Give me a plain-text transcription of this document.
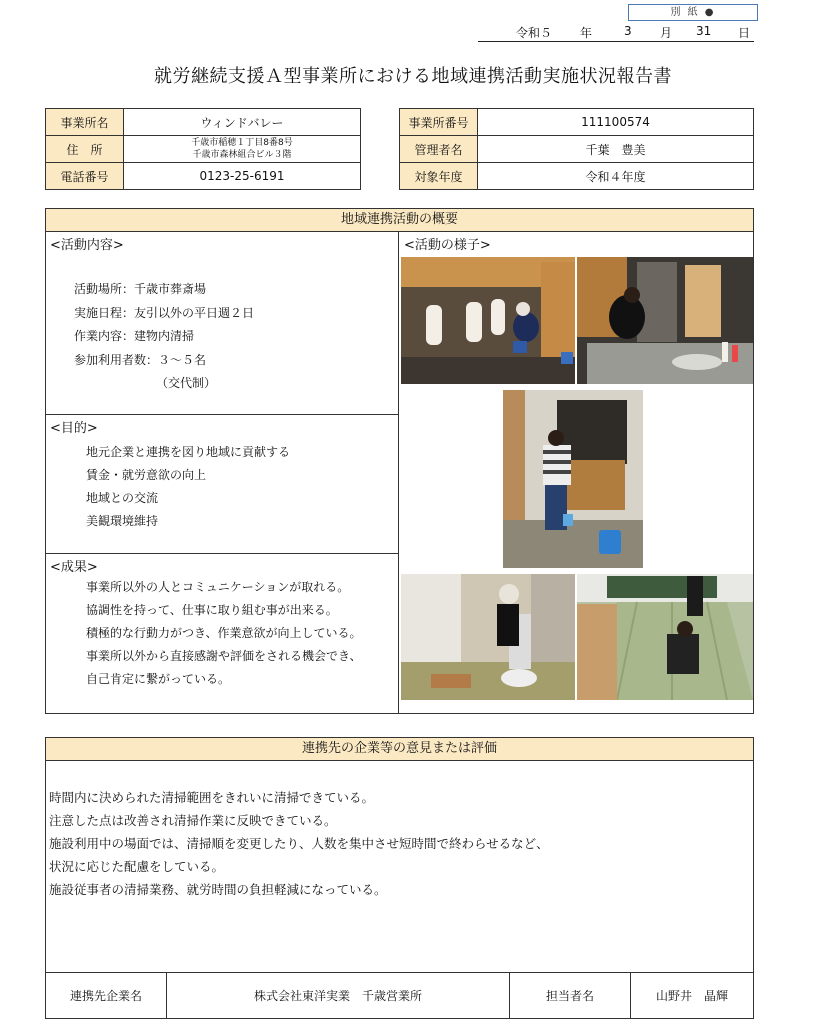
別 紙 ●
令和５ 年	3 月 31 日
就労継続支援Ａ型事業所における地域連携活動実施状況報告書
事業所名	ウィンドバレー
住　所	千歳市稲穂１丁目8番8号
千歳市森林組合ビル３階

電話番号	0123-25-6191
事業所番号	111100574
管理者名	千葉　豊美
対象年度	令和４年度
地域連携活動の概要
<活動内容>
活動場所：千歳市葬斎場
実施日程：友引以外の平日週２日
作業内容：建物内清掃
参加利用者数：３～５名
（交代制）
<目的>
地元企業と連携を図り地域に貢献する
賃金・就労意欲の向上
地域との交流
美観環境維持
<成果>
事業所以外の人とコミュニケーションが取れる。
協調性を持って、仕事に取り組む事が出来る。
積極的な行動力がつき、作業意欲が向上している。
事業所以外から直接感謝や評価をされる機会でき、
自己肯定に繋がっている。
<活動の様子>
連携先の企業等の意見または評価
時間内に決められた清掃範囲をきれいに清掃できている。
注意した点は改善され清掃作業に反映できている。
施設利用中の場面では、清掃順を変更したり、人数を集中させ短時間で終わらせるなど、
状況に応じた配慮をしている。
施設従事者の清掃業務、就労時間の負担軽減になっている。
連携先企業名	株式会社東洋実業　千歳営業所	担当者名	山野井　晶輝
